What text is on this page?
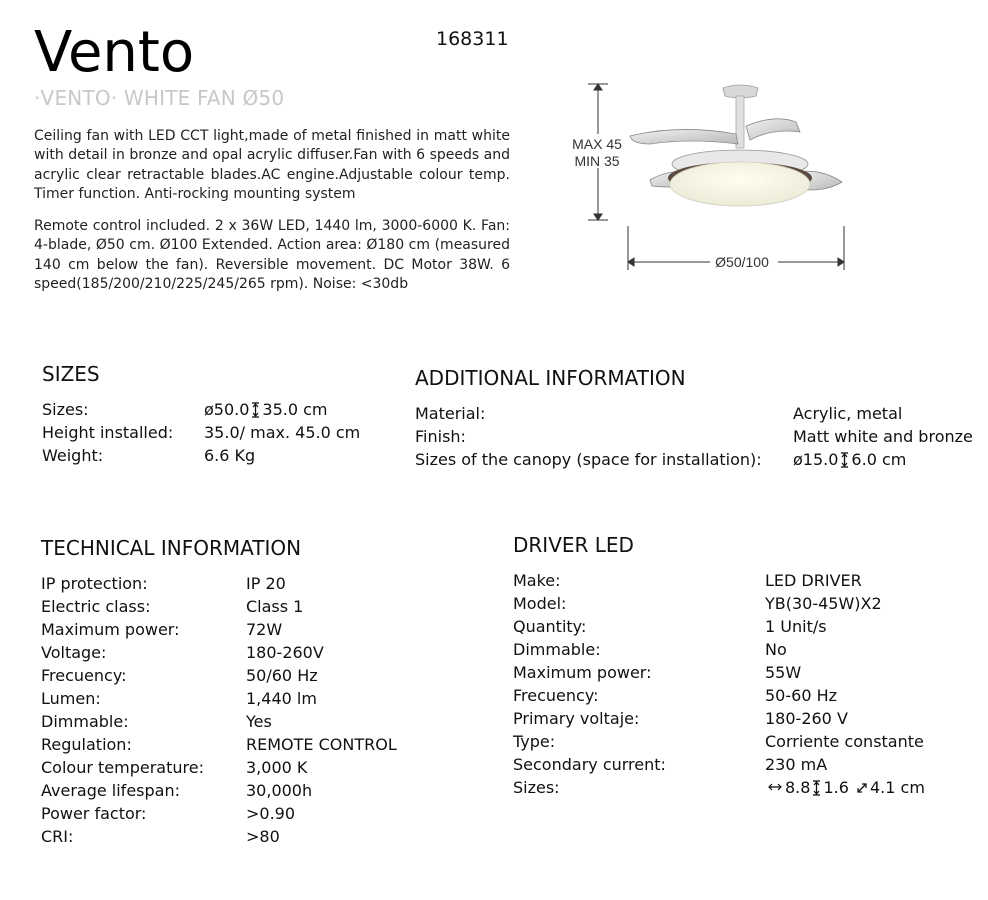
Vento	168311
·VENTO· WHITE FAN Ø50

Ceiling fan with LED CCT light,made of metal finished in matt white with detail in bronze and opal acrylic diffuser.Fan with 6 speeds and acrylic clear retractable blades.AC engine.Adjustable colour temp. Timer function. Anti-rocking mounting system

Remote control included. 2 x 36W LED, 1440 lm, 3000-6000 K. Fan: 4-blade, Ø50 cm. Ø100 Extended. Action area: Ø180 cm (measured 140 cm below the fan). Reversible movement. DC Motor 38W. 6 speed(185/200/210/225/245/265 rpm). Noise: <30db

MAX 45
MIN 35
Ø50/100
SIZES
Sizes:	ø50.0 35.0 cm
Height installed: 35.0/ max. 45.0 cm
Weight:	6.6 Kg
ADDITIONAL INFORMATION
Material:	Acrylic, metal
Finish:	Matt white and bronze
Sizes of the canopy (space for installation): ø15.0 6.0 cm
TECHNICAL INFORMATION
IP protection:	IP 20
Electric class:	Class 1
Maximum power:	72W
Voltage:	180-260V
Frecuency:	50/60 Hz
Lumen:	1,440 lm
Dimmable:	Yes
Regulation:	REMOTE CONTROL
Colour temperature:	3,000 K
Average lifespan:	30,000h
Power factor:	>0.90
CRI:	>80
DRIVER LED
Make:	LED DRIVER
Model:	YB(30-45W)X2
Quantity:	1 Unit/s
Dimmable:	No
Maximum power:	55W
Frecuency:	50-60 Hz
Primary voltaje:	180-260 V
Type:	Corriente constante
Secondary current:	230 mA
Sizes:	8.8 1.6 4.1 cm
